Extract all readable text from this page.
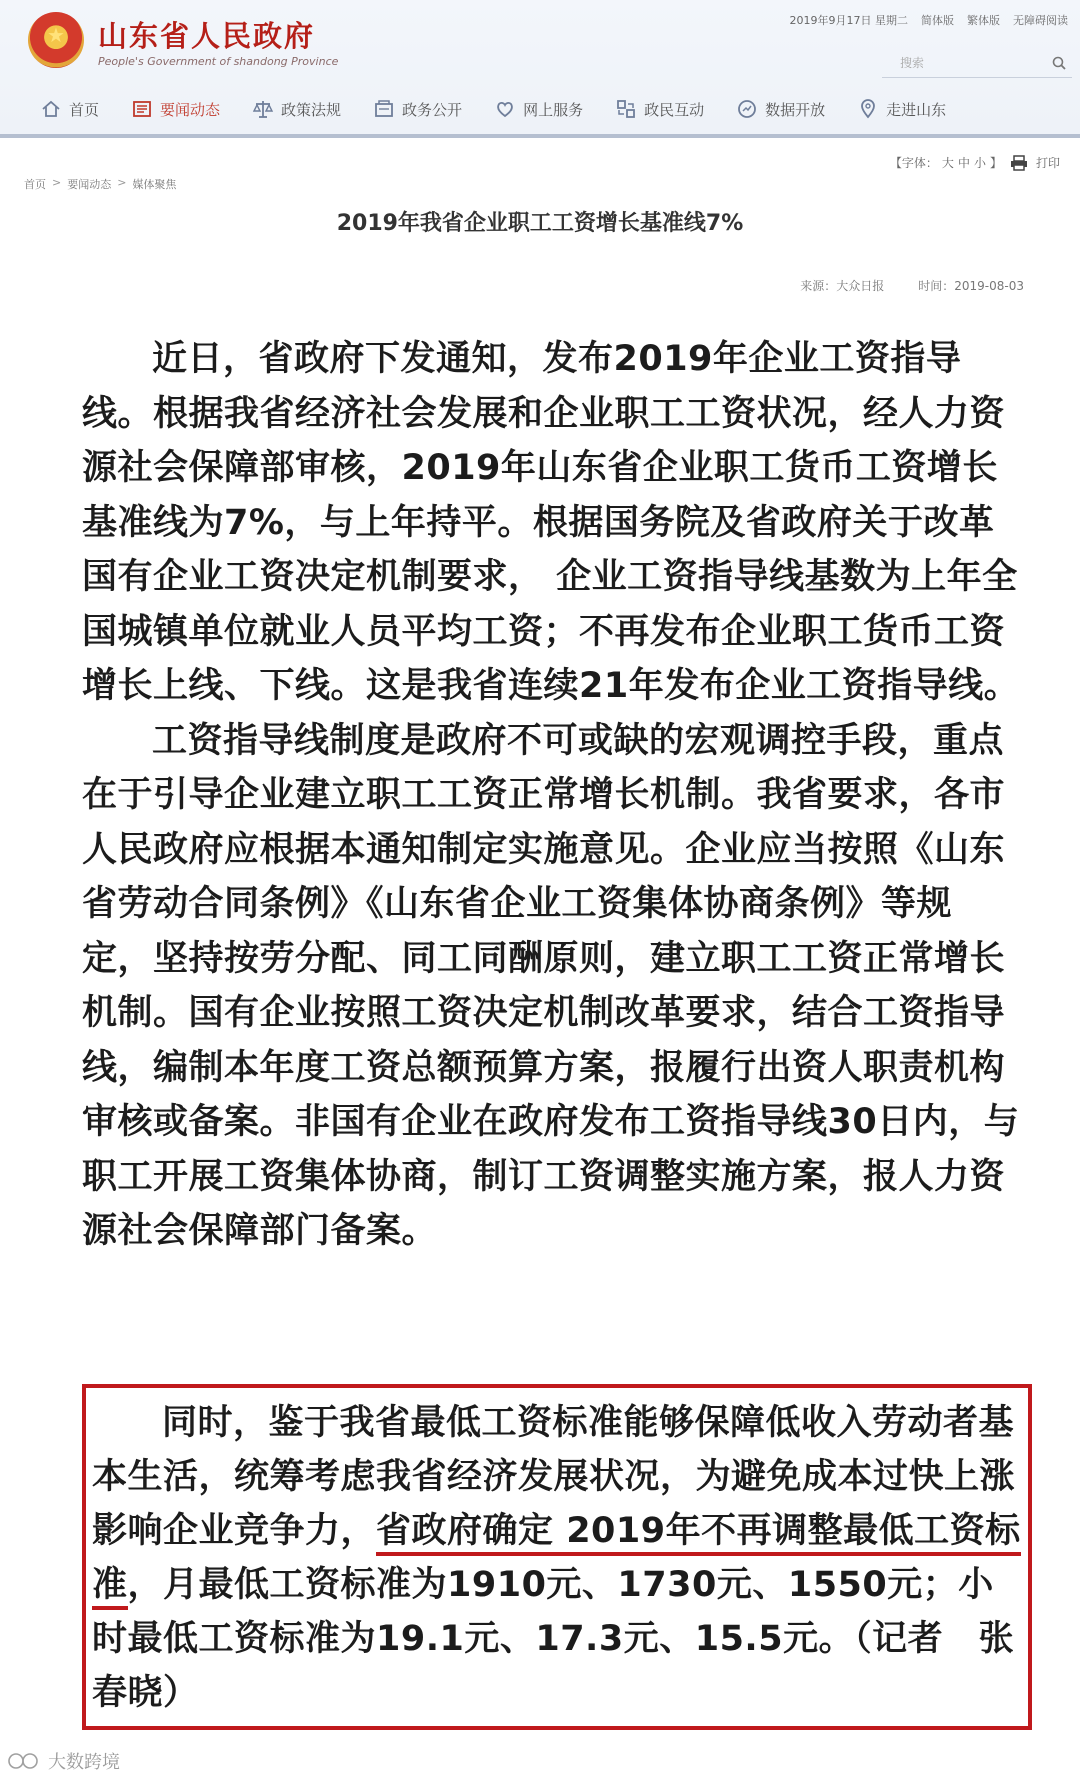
★	山东省人民政府
People's Government of shandong Province
2019年9月17日 星期二 简体版 繁体版 无障碍阅读
搜索
首页	要闻动态	政策法规	政务公开	网上服务	政民互动	数据开放	走进山东
首页 > 要闻动态 > 媒体聚焦
【字体： 大 中 小 】	打印
2019年我省企业职工工资增长基准线7%
来源：大众日报	时间：2019-08-03

近日，省政府下发通知，发布2019年企业工资指导线。根据我省经济社会发展和企业职工工资状况，经人力资源社会保障部审核，2019年山东省企业职工货币工资增长基准线为7%，与上年持平。根据国务院及省政府关于改革国有企业工资决定机制要求， 企业工资指导线基数为上年全国城镇单位就业人员平均工资；不再发布企业职工货币工资增长上线、下线。这是我省连续21年发布企业工资指导线。

工资指导线制度是政府不可或缺的宏观调控手段，重点在于引导企业建立职工工资正常增长机制。我省要求，各市人民政府应根据本通知制定实施意见。企业应当按照《山东省劳动合同条例》《山东省企业工资集体协商条例》等规定，坚持按劳分配、同工同酬原则，建立职工工资正常增长机制。国有企业按照工资决定机制改革要求，结合工资指导线，编制本年度工资总额预算方案，报履行出资人职责机构审核或备案。非国有企业在政府发布工资指导线30日内，与职工开展工资集体协商，制订工资调整实施方案，报人力资源社会保障部门备案。

同时，鉴于我省最低工资标准能够保障低收入劳动者基本生活，统筹考虑我省经济发展状况，为避免成本过快上涨影响企业竞争力，省政府确定 2019年不再调整最低工资标准，月最低工资标准为1910元、1730元、1550元；小时最低工资标准为19.1元、17.3元、15.5元。（记者　张春晓）

大数跨境
